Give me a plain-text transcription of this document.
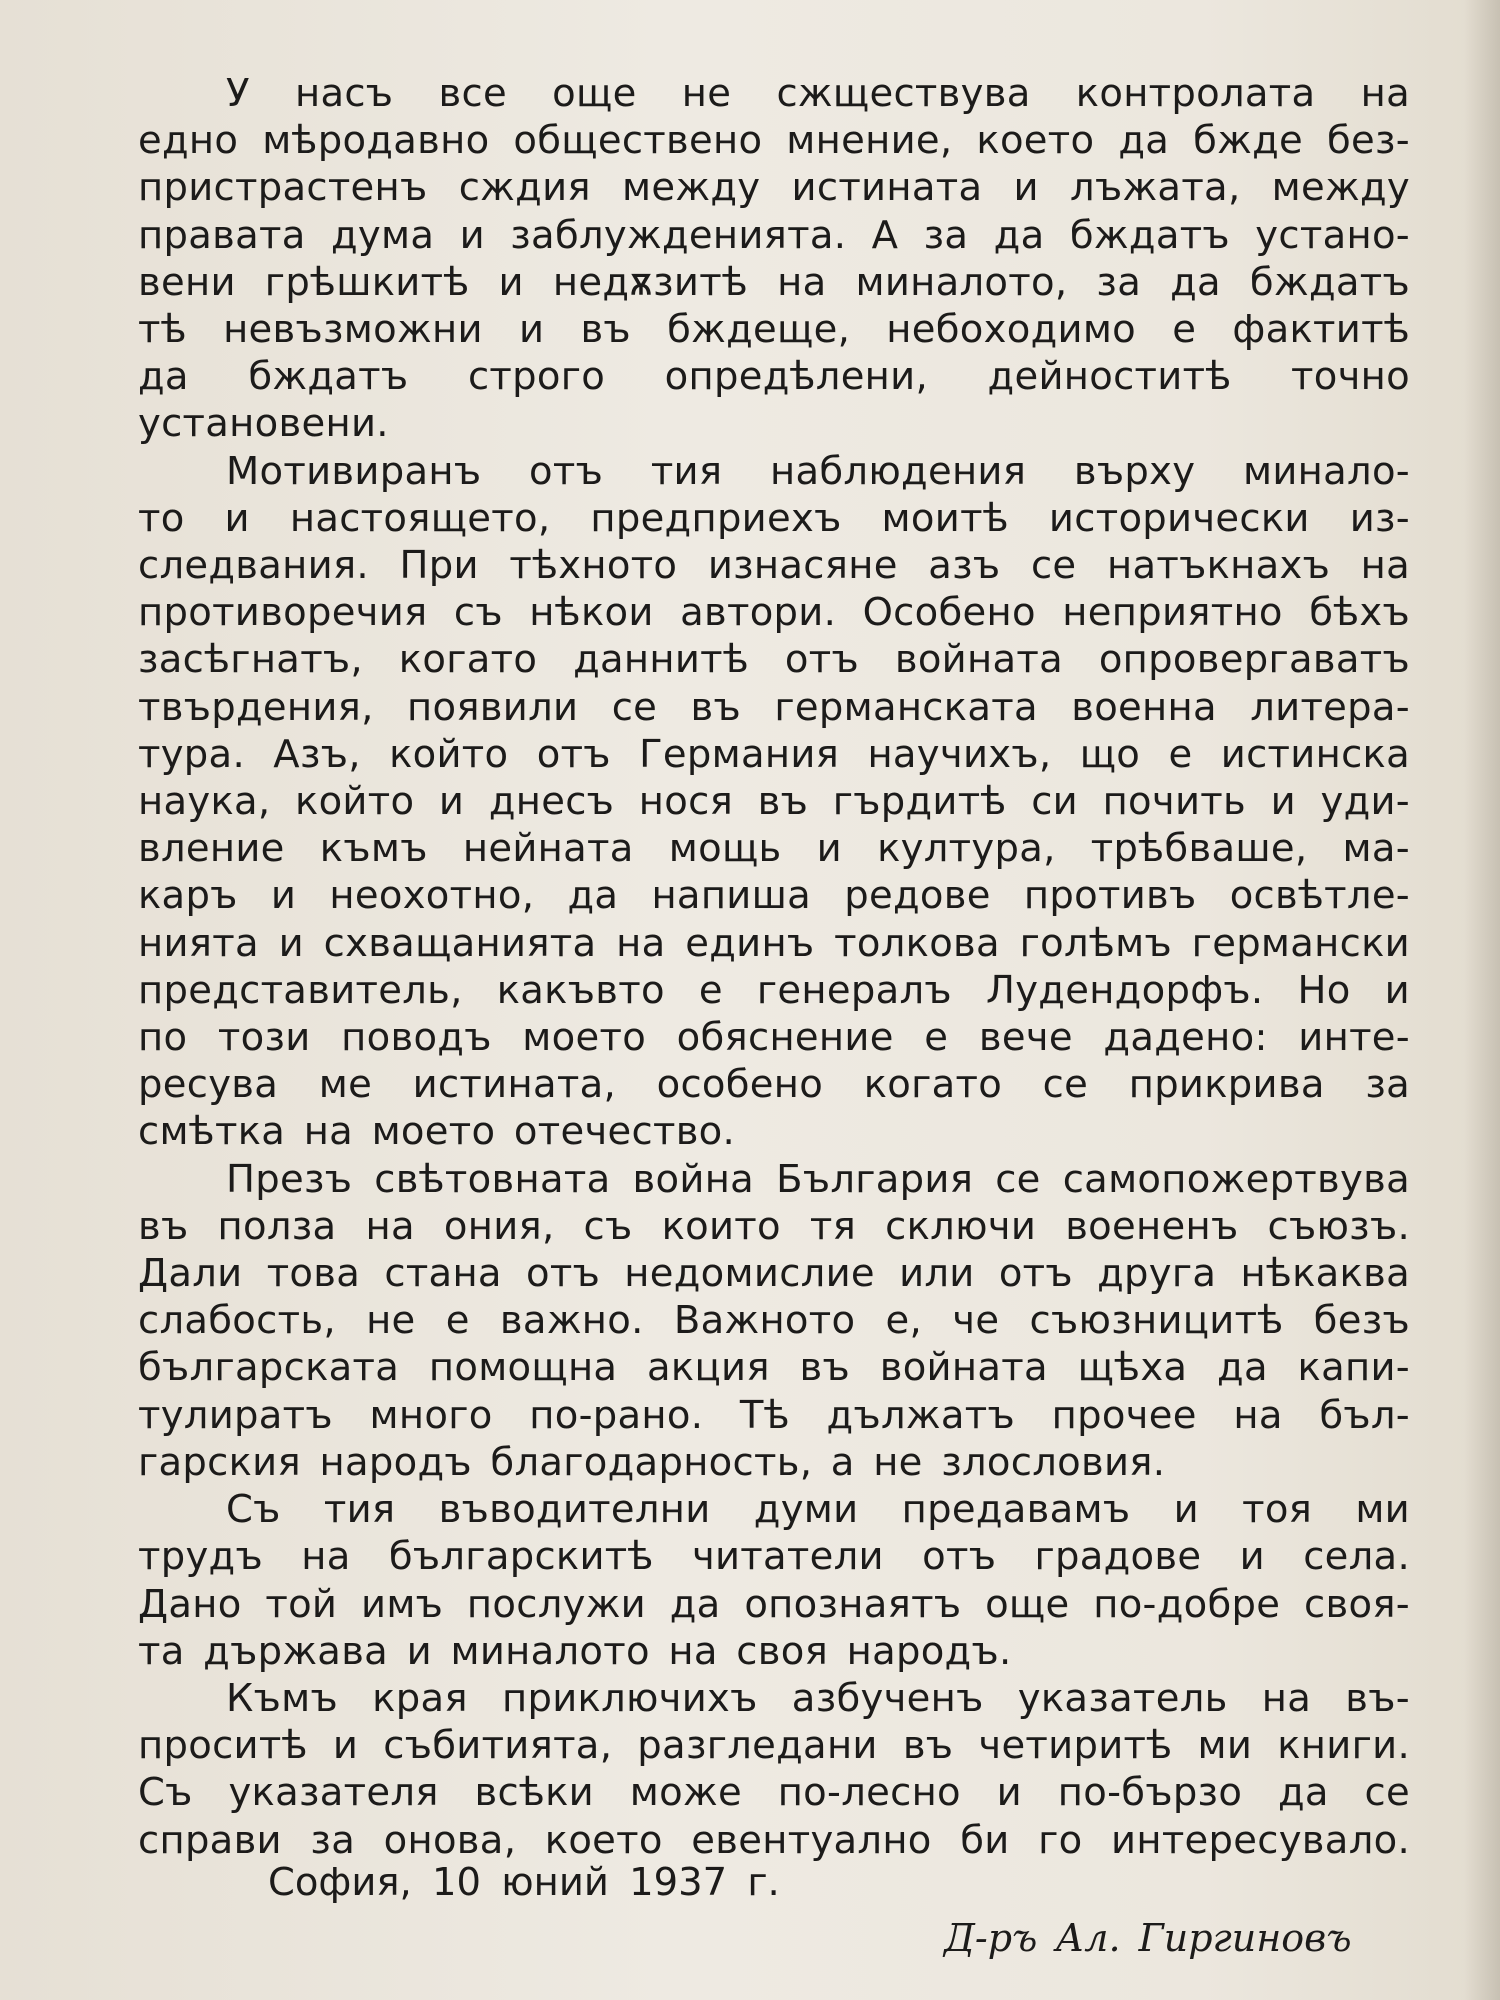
У насъ все още не сжществува контролата на
едно мѣродавно обществено мнение, което да бжде без-
пристрастенъ сждия между истината и лъжата, между
правата дума и заблужденията. А за да бждатъ устано-
вени грѣшкитѣ и недѫзитѣ на миналото, за да бждатъ
тѣ невъзможни и въ бждеще, небоходимо е фактитѣ
да бждатъ строго опредѣлени, дейноститѣ точно
установени.
Мотивиранъ отъ тия наблюдения върху минало-
то и настоящето, предприехъ моитѣ исторически из-
следвания. При тѣхното изнасяне азъ се натъкнахъ на
противоречия съ нѣкои автори. Особено неприятно бѣхъ
засѣгнатъ, когато даннитѣ отъ войната опровергаватъ
твърдения, появили се въ германската военна литера-
тура. Азъ, който отъ Германия научихъ, що е истинска
наука, който и днесъ нося въ гърдитѣ си почить и уди-
вление къмъ нейната мощь и култура, трѣбваше, ма-
каръ и неохотно, да напиша редове противъ освѣтле-
нията и схващанията на единъ толкова голѣмъ германски
представитель, какъвто е генералъ Лудендорфъ. Но и
по този поводъ моето обяснение е вече дадено: инте-
ресува ме истината, особено когато се прикрива за
смѣтка на моето отечество.
Презъ свѣтовната война България се самопожертвува
въ полза на ония, съ които тя сключи воененъ съюзъ.
Дали това стана отъ недомислие или отъ друга нѣкаква
слабость, не е важно. Важното е, че съюзницитѣ безъ
българската помощна акция въ войната щѣха да капи-
тулиратъ много по-рано. Тѣ дължатъ прочее на бъл-
гарския народъ благодарность, а не злословия.
Съ тия въводителни думи предавамъ и тоя ми
трудъ на българскитѣ читатели отъ градове и села.
Дано той имъ послужи да опознаятъ още по-добре своя-
та държава и миналото на своя народъ.
Къмъ края приключихъ азбученъ указатель на въ-
проситѣ и събитията, разгледани въ четиритѣ ми книги.
Съ указателя всѣки може по-лесно и по-бързо да се
справи за онова, което евентуално би го интересувало.
София, 10 юний 1937 г.
Д-ръ Ал. Гиргиновъ
